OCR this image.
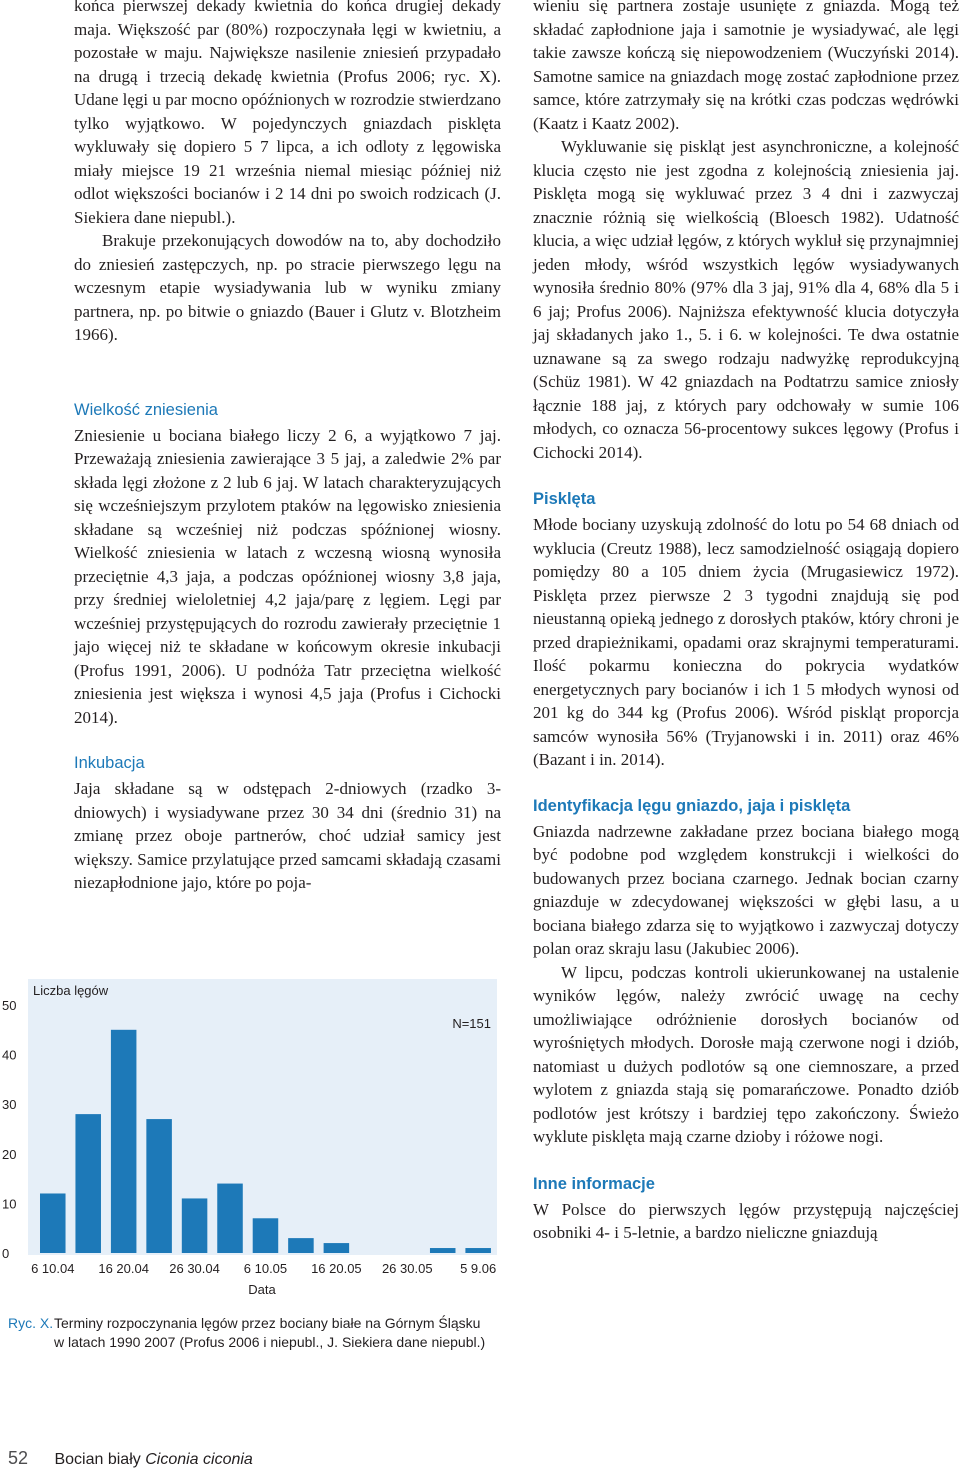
końca pierwszej dekady kwietnia do końca drugiej dekady maja. Większość par (80%) rozpoczynała lęgi w kwietniu, a pozostałe w maju. Największe nasilenie zniesień przypadało na drugą i trzecią dekadę kwietnia (Profus 2006; ryc. X). Udane lęgi u par mocno opóźnionych w rozrodzie stwierdzano tylko wyjątkowo. W pojedynczych gniazdach pisklęta wykluwały się dopiero 5 7 lipca, a ich odloty z lęgowiska miały miejsce 19 21 września niemal miesiąc później niż odlot większości bocianów i 2 14 dni po swoich rodzicach (J. Siekiera dane niepubl.).

Brakuje przekonujących dowodów na to, aby dochodziło do zniesień zastępczych, np. po stracie pierwszego lęgu na wczesnym etapie wysiadywania lub w wyniku zmiany partnera, np. po bitwie o gniazdo (Bauer i Glutz v. Blotzheim 1966).

Wielkość zniesienia

Zniesienie u bociana białego liczy 2 6, a wyjątkowo 7 jaj. Przeważają zniesienia zawierające 3 5 jaj, a zaledwie 2% par składa lęgi złożone z 2 lub 6 jaj. W latach charakteryzujących się wcześniejszym przylotem ptaków na lęgowisko zniesienia składane są wcześniej niż podczas spóźnionej wiosny. Wielkość zniesienia w latach z wczesną wiosną wynosiła przeciętnie 4,3 jaja, a podczas opóźnionej wiosny 3,8 jaja, przy średniej wieloletniej 4,2 jaja/parę z lęgiem. Lęgi par wcześniej przystępujących do rozrodu zawierały przeciętnie 1 jajo więcej niż te składane w końcowym okresie inkubacji (Profus 1991, 2006). U podnóża Tatr przeciętna wielkość zniesienia jest większa i wynosi 4,5 jaja (Profus i Cichocki 2014).

Inkubacja

Jaja składane są w odstępach 2-dniowych (rzadko 3-dniowych) i wysiadywane przez 30 34 dni (średnio 31) na zmianę przez oboje partnerów, choć udział samicy jest większy. Samice przylatujące przed samcami składają czasami niezapłodnione jajo, które po poja-

wieniu się partnera zostaje usunięte z gniazda. Mogą też składać zapłodnione jaja i samotnie je wysiadywać, ale lęgi takie zawsze kończą się niepowodzeniem (Wuczyński 2014). Samotne samice na gniazdach mogę zostać zapłodnione przez samce, które zatrzymały się na krótki czas podczas wędrówki (Kaatz i Kaatz 2002).

Wykluwanie się piskląt jest asynchroniczne, a kolejność klucia często nie jest zgodna z kolejnością zniesienia jaj. Pisklęta mogą się wykluwać przez 3 4 dni i zazwyczaj znacznie różnią się wielkością (Bloesch 1982). Udatność klucia, a więc udział lęgów, z których wykluł się przynajmniej jeden młody, wśród wszystkich lęgów wysiadywanych wynosiła średnio 80% (97% dla 3 jaj, 91% dla 4, 68% dla 5 i 6 jaj; Profus 2006). Najniższa efektywność klucia dotyczyła jaj składanych jako 1., 5. i 6. w kolejności. Te dwa ostatnie uznawane są za swego rodzaju nadwyżkę reprodukcyjną (Schüz 1981). W 42 gniazdach na Podtatrzu samice zniosły łącznie 188 jaj, z których pary odchowały w sumie 106 młodych, co oznacza 56-procentowy sukces lęgowy (Profus i Cichocki 2014).

Pisklęta

Młode bociany uzyskują zdolność do lotu po 54 68 dniach od wyklucia (Creutz 1988), lecz samodzielność osiągają dopiero pomiędzy 80 a 105 dniem życia (Mrugasiewicz 1972). Pisklęta przez pierwsze 2 3 tygodni znajdują się pod nieustanną opieką jednego z dorosłych ptaków, który chroni je przed drapieżnikami, opadami oraz skrajnymi temperaturami. Ilość pokarmu konieczna do pokrycia wydatków energetycznych pary bocianów i ich 1 5 młodych wynosi od 201 kg do 344 kg (Profus 2006). Wśród piskląt proporcja samców wynosiła 56% (Tryjanowski i in. 2011) oraz 46% (Bazant i in. 2014).

Identyfikacja lęgu gniazdo, jaja i pisklęta

Gniazda nadrzewne zakładane przez bociana białego mogą być podobne pod względem konstrukcji i wielkości do budowanych przez bociana czarnego. Jednak bocian czarny gniazduje w zdecydowanej większości w głębi lasu, a u bociana białego zdarza się to wyjątkowo i zazwyczaj dotyczy polan oraz skraju lasu (Jakubiec 2006).

W lipcu, podczas kontroli ukierunkowanej na ustalenie wyników lęgów, należy zwrócić uwagę na cechy umożliwiające odróżnienie dorosłych bocianów od wyrośniętych młodych. Dorosłe mają czerwone nogi i dziób, natomiast u dużych podlotów są one ciemnoszare, a przed wylotem z gniazda stają się pomarańczowe. Ponadto dziób podlotów jest krótszy i bardziej tępo zakończony. Świeżo wyklute pisklęta mają czarne dzioby i różowe nogi.

Inne informacje

W Polsce do pierwszych lęgów przystępują najczęściej osobniki 4- i 5-letnie, a bardzo nieliczne gniazdują

Liczba lęgów
N=151
0
10
20
30
40
50
6 10.04 16 20.04 26 30.04 6 10.05 16 20.05 26 30.05 5 9.06
Data
Ryc. X. Terminy rozpoczynania lęgów przez bociany białe na Górnym Śląsku w latach 1990 2007 (Profus 2006 i niepubl., J. Siekiera dane niepubl.)
52 Bocian biały Ciconia ciconia
